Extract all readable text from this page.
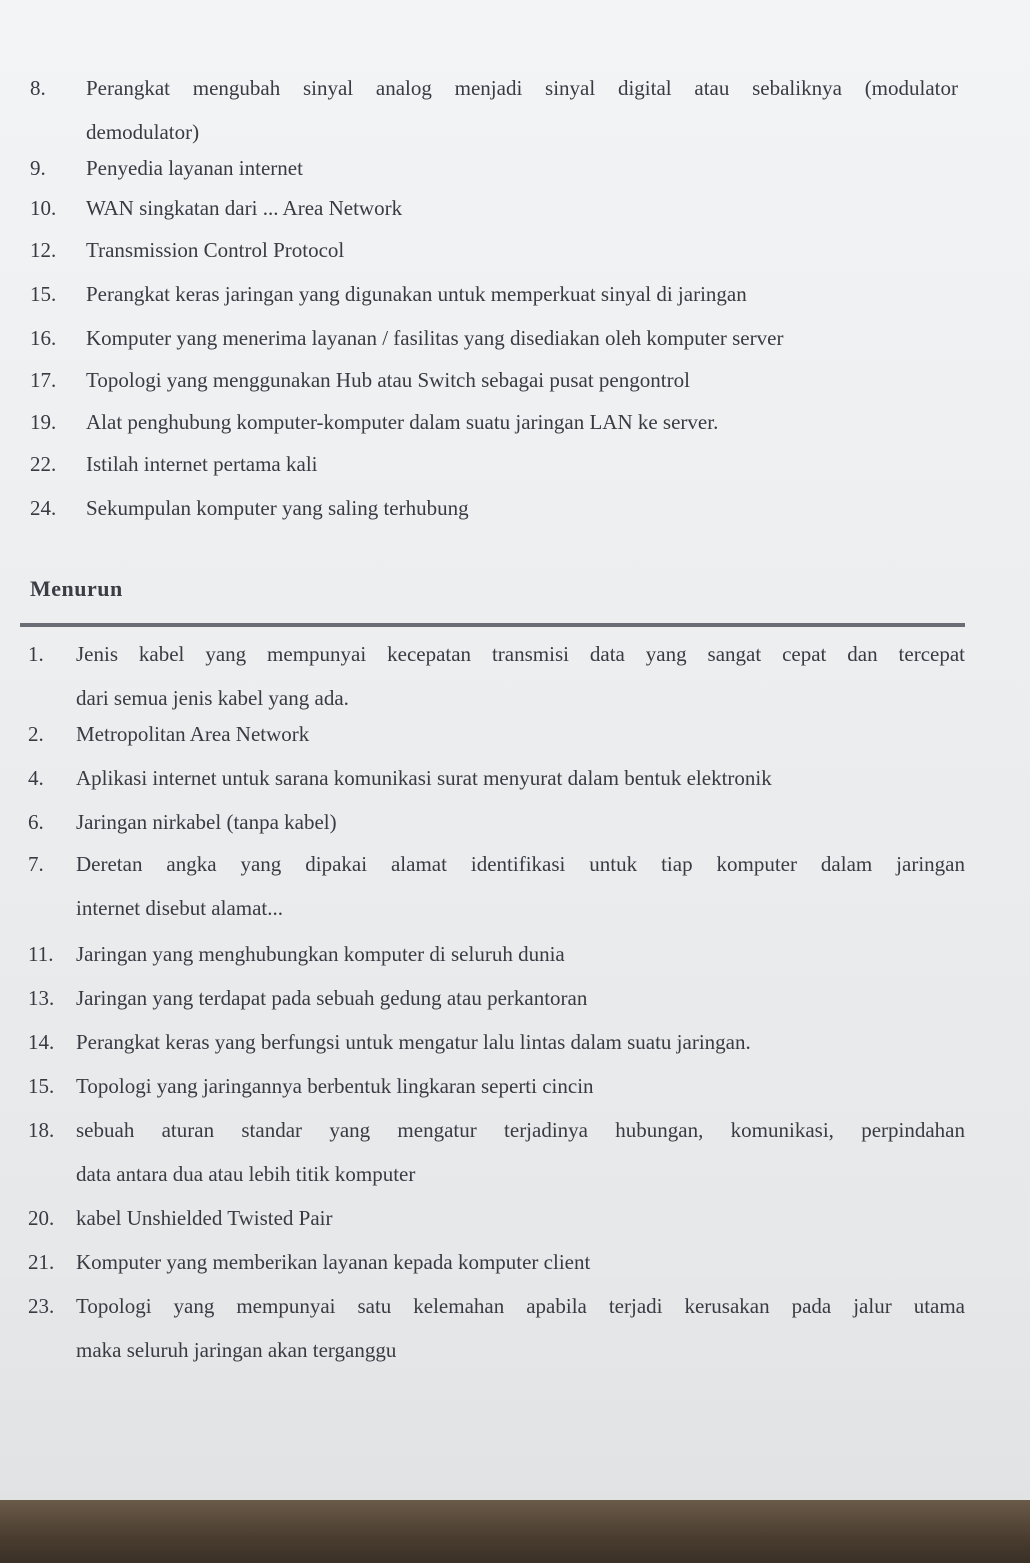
8.	Perangkat mengubah sinyal analog menjadi sinyal digital atau sebaliknya (modulator
demodulator)
9.	Penyedia layanan internet
10.	WAN singkatan dari ... Area Network
12.	Transmission Control Protocol
15.	Perangkat keras jaringan yang digunakan untuk memperkuat sinyal di jaringan
16.	Komputer yang menerima layanan / fasilitas yang disediakan oleh komputer server
17.	Topologi yang menggunakan Hub atau Switch sebagai pusat pengontrol
19.	Alat penghubung komputer-komputer dalam suatu jaringan LAN ke server.
22.	Istilah internet pertama kali
24.	Sekumpulan komputer yang saling terhubung
Menurun
1.	Jenis kabel yang mempunyai kecepatan transmisi data yang sangat cepat dan tercepat
dari semua jenis kabel yang ada.
2.	Metropolitan Area Network
4.	Aplikasi internet untuk sarana komunikasi surat menyurat dalam bentuk elektronik
6.	Jaringan nirkabel (tanpa kabel)
7.	Deretan angka yang dipakai alamat identifikasi untuk tiap komputer dalam jaringan
internet disebut alamat...
11.	Jaringan yang menghubungkan komputer di seluruh dunia
13.	Jaringan yang terdapat pada sebuah gedung atau perkantoran
14.	Perangkat keras yang berfungsi untuk mengatur lalu lintas dalam suatu jaringan.
15.	Topologi yang jaringannya berbentuk lingkaran seperti cincin
18.	sebuah aturan standar yang mengatur terjadinya hubungan, komunikasi, perpindahan
data antara dua atau lebih titik komputer
20.	kabel Unshielded Twisted Pair
21.	Komputer yang memberikan layanan kepada komputer client
23.	Topologi yang mempunyai satu kelemahan apabila terjadi kerusakan pada jalur utama
maka seluruh jaringan akan terganggu
